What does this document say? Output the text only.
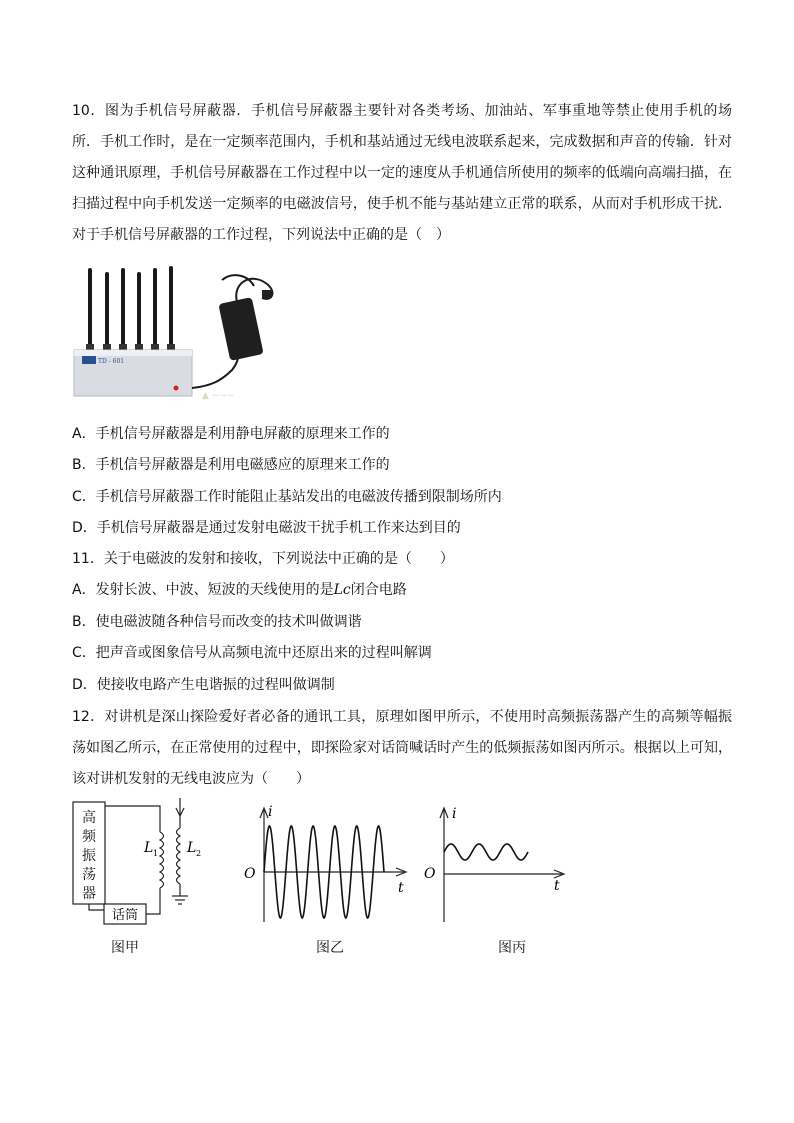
10．图为手机信号屏蔽器．手机信号屏蔽器主要针对各类考场、加油站、军事重地等禁止使用手机的场所．手机工作时，是在一定频率范围内，手机和基站通过无线电波联系起来，完成数据和声音的传输．针对这种通讯原理，手机信号屏蔽器在工作过程中以一定的速度从手机通信所使用的频率的低端向高端扫描，在扫描过程中向手机发送一定频率的电磁波信号，使手机不能与基站建立正常的联系，从而对手机形成干扰．对于手机信号屏蔽器的工作过程，下列说法中正确的是（　）
TD - 601
▲ ~~~
A．手机信号屏蔽器是利用静电屏蔽的原理来工作的
B．手机信号屏蔽器是利用电磁感应的原理来工作的
C．手机信号屏蔽器工作时能阻止基站发出的电磁波传播到限制场所内
D．手机信号屏蔽器是通过发射电磁波干扰手机工作来达到目的
11．关于电磁波的发射和接收，下列说法中正确的是（　　）
A．发射长波、中波、短波的天线使用的是Lc闭合电路
B．使电磁波随各种信号而改变的技术叫做调谐
C．把声音或图象信号从高频电流中还原出来的过程叫解调
D．使接收电路产生电谐振的过程叫做调制
12．对讲机是深山探险爱好者必备的通讯工具，原理如图甲所示，不使用时高频振荡器产生的高频等幅振荡如图乙所示，在正常使用的过程中，即探险家对话筒喊话时产生的低频振荡如图丙所示。根据以上可知，该对讲机发射的无线电波应为（　　）
高
频
振
荡
器
话筒
L 1 L 2
图甲
i
O
t
图乙
i
O
t
图丙
